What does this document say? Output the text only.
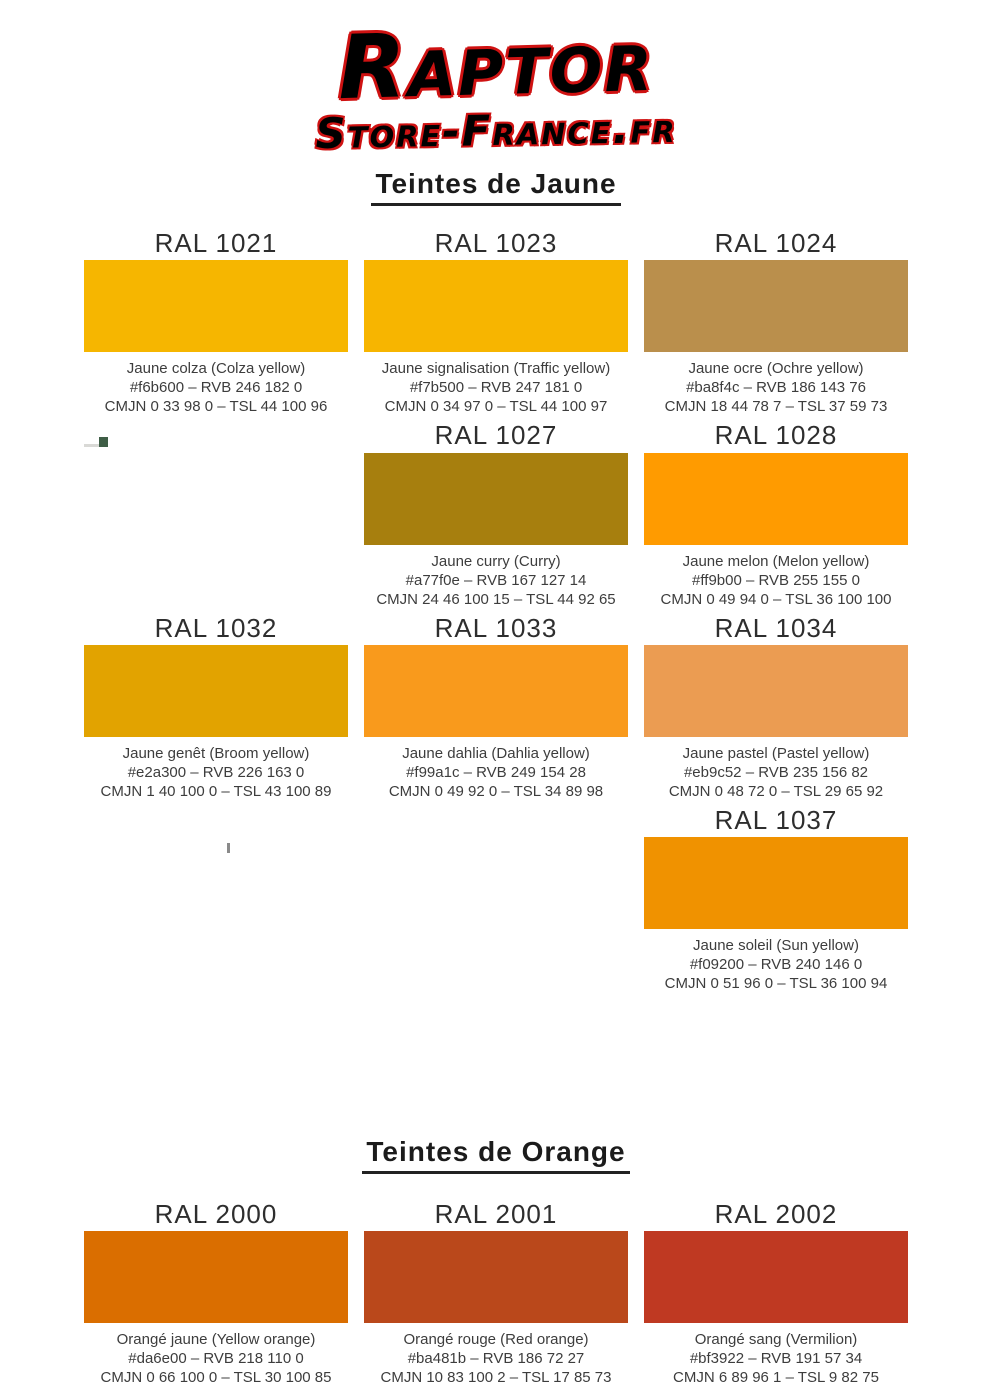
Raptor
Store-France.fr
Teintes de Jaune
RAL 1021
Jaune colza (Colza yellow)
#f6b600 – RVB 246 182 0
CMJN 0 33 98 0 – TSL 44 100 96
RAL 1023
Jaune signalisation (Traffic yellow)
#f7b500 – RVB 247 181 0
CMJN 0 34 97 0 – TSL 44 100 97
RAL 1024
Jaune ocre (Ochre yellow)
#ba8f4c – RVB 186 143 76
CMJN 18 44 78 7 – TSL 37 59 73
RAL 1027
Jaune curry (Curry)
#a77f0e – RVB 167 127 14
CMJN 24 46 100 15 – TSL 44 92 65
RAL 1028
Jaune melon (Melon yellow)
#ff9b00 – RVB 255 155 0
CMJN 0 49 94 0 – TSL 36 100 100
RAL 1032
Jaune genêt (Broom yellow)
#e2a300 – RVB 226 163 0
CMJN 1 40 100 0 – TSL 43 100 89
RAL 1033
Jaune dahlia (Dahlia yellow)
#f99a1c – RVB 249 154 28
CMJN 0 49 92 0 – TSL 34 89 98
RAL 1034
Jaune pastel (Pastel yellow)
#eb9c52 – RVB 235 156 82
CMJN 0 48 72 0 – TSL 29 65 92
RAL 1037
Jaune soleil (Sun yellow)
#f09200 – RVB 240 146 0
CMJN 0 51 96 0 – TSL 36 100 94
Teintes de Orange
RAL 2000
Orangé jaune (Yellow orange)
#da6e00 – RVB 218 110 0
CMJN 0 66 100 0 – TSL 30 100 85
RAL 2001
Orangé rouge (Red orange)
#ba481b – RVB 186 72 27
CMJN 10 83 100 2 – TSL 17 85 73
RAL 2002
Orangé sang (Vermilion)
#bf3922 – RVB 191 57 34
CMJN 6 89 96 1 – TSL 9 82 75
